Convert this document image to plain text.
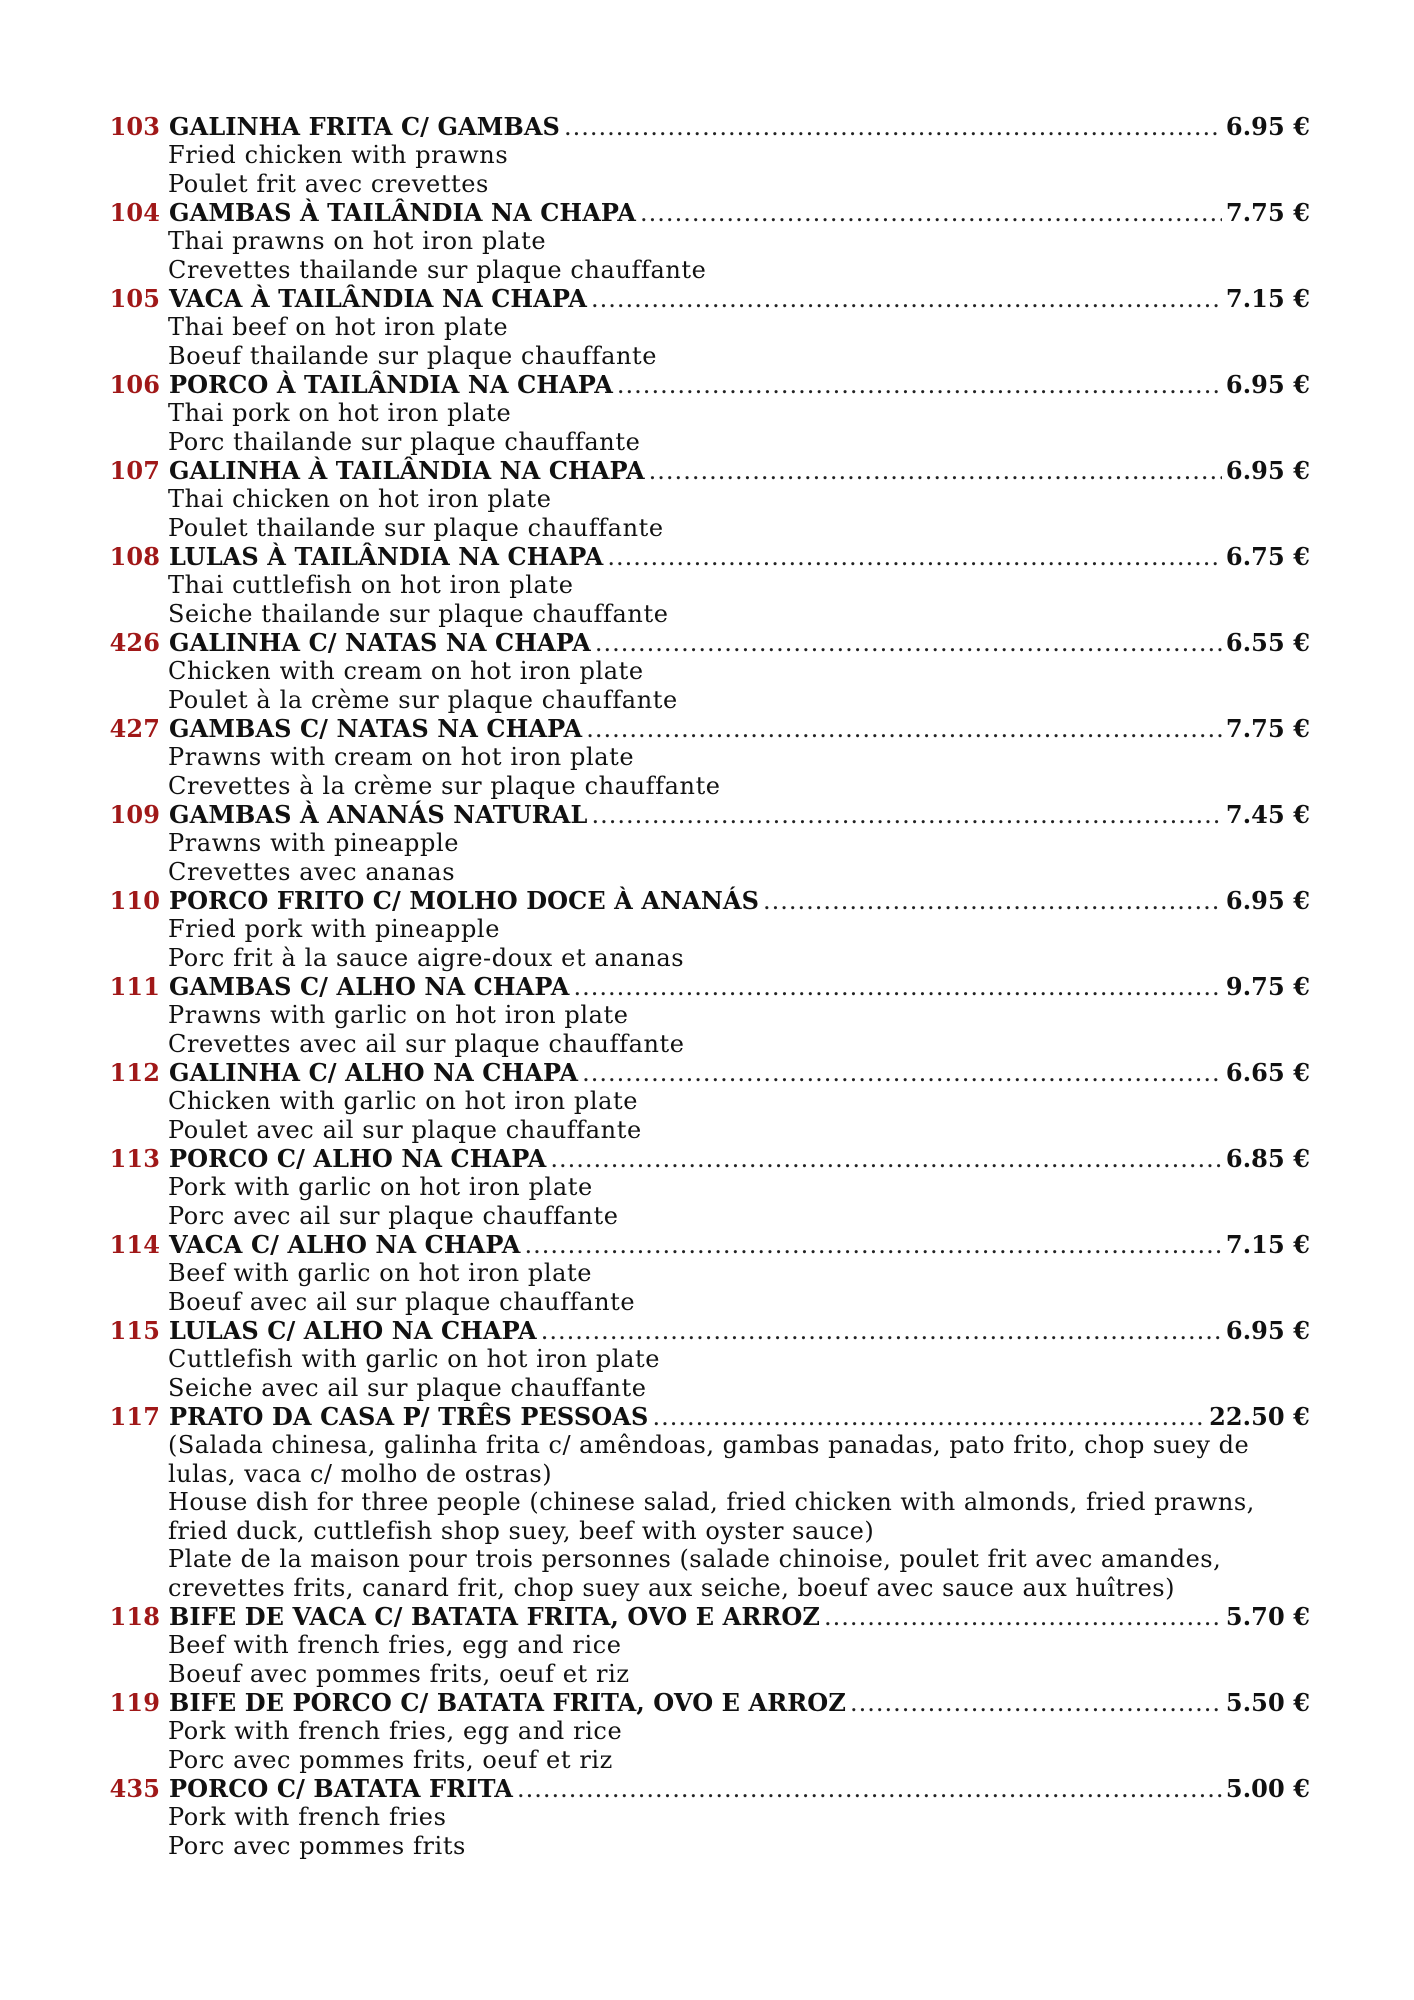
103 GALINHA FRITA C/ GAMBAS .....	6.95 €
Fried chicken with prawns
Poulet frit avec crevettes
104 GAMBAS À TAILÂNDIA NA CHAPA .....	7.75 €
Thai prawns on hot iron plate
Crevettes thailande sur plaque chauffante
105 VACA À TAILÂNDIA NA CHAPA .....	7.15 €
Thai beef on hot iron plate
Boeuf thailande sur plaque chauffante
106 PORCO À TAILÂNDIA NA CHAPA .....	6.95 €
Thai pork on hot iron plate
Porc thailande sur plaque chauffante
107 GALINHA À TAILÂNDIA NA CHAPA .....	6.95 €
Thai chicken on hot iron plate
Poulet thailande sur plaque chauffante
108 LULAS À TAILÂNDIA NA CHAPA .....	6.75 €
Thai cuttlefish on hot iron plate
Seiche thailande sur plaque chauffante
426 GALINHA C/ NATAS NA CHAPA .....	6.55 €
Chicken with cream on hot iron plate
Poulet à la crème sur plaque chauffante
427 GAMBAS C/ NATAS NA CHAPA .....	7.75 €
Prawns with cream on hot iron plate
Crevettes à la crème sur plaque chauffante
109 GAMBAS À ANANÁS NATURAL .....	7.45 €
Prawns with pineapple
Crevettes avec ananas
110 PORCO FRITO C/ MOLHO DOCE À ANANÁS .....	6.95 €
Fried pork with pineapple
Porc frit à la sauce aigre-doux et ananas
111 GAMBAS C/ ALHO NA CHAPA .....	9.75 €
Prawns with garlic on hot iron plate
Crevettes avec ail sur plaque chauffante
112 GALINHA C/ ALHO NA CHAPA .....	6.65 €
Chicken with garlic on hot iron plate
Poulet avec ail sur plaque chauffante
113 PORCO C/ ALHO NA CHAPA .....	6.85 €
Pork with garlic on hot iron plate
Porc avec ail sur plaque chauffante
114 VACA C/ ALHO NA CHAPA .....	7.15 €
Beef with garlic on hot iron plate
Boeuf avec ail sur plaque chauffante
115 LULAS C/ ALHO NA CHAPA .....	6.95 €
Cuttlefish with garlic on hot iron plate
Seiche avec ail sur plaque chauffante
117 PRATO DA CASA P/ TRÊS PESSOAS .....	22.50 €
(Salada chinesa, galinha frita c/ amêndoas, gambas panadas, pato frito, chop suey de lulas, vaca c/ molho de ostras)
House dish for three people (chinese salad, fried chicken with almonds, fried prawns, fried duck, cuttlefish shop suey, beef with oyster sauce)
Plate de la maison pour trois personnes (salade chinoise, poulet frit avec amandes, crevettes frits, canard frit, chop suey aux seiche, boeuf avec sauce aux huîtres)
118 BIFE DE VACA C/ BATATA FRITA, OVO E ARROZ .....	5.70 €
Beef with french fries, egg and rice
Boeuf avec pommes frits, oeuf et riz
119 BIFE DE PORCO C/ BATATA FRITA, OVO E ARROZ .....	5.50 €
Pork with french fries, egg and rice
Porc avec pommes frits, oeuf et riz
435 PORCO C/ BATATA FRITA .....	5.00 €
Pork with french fries
Porc avec pommes frits
